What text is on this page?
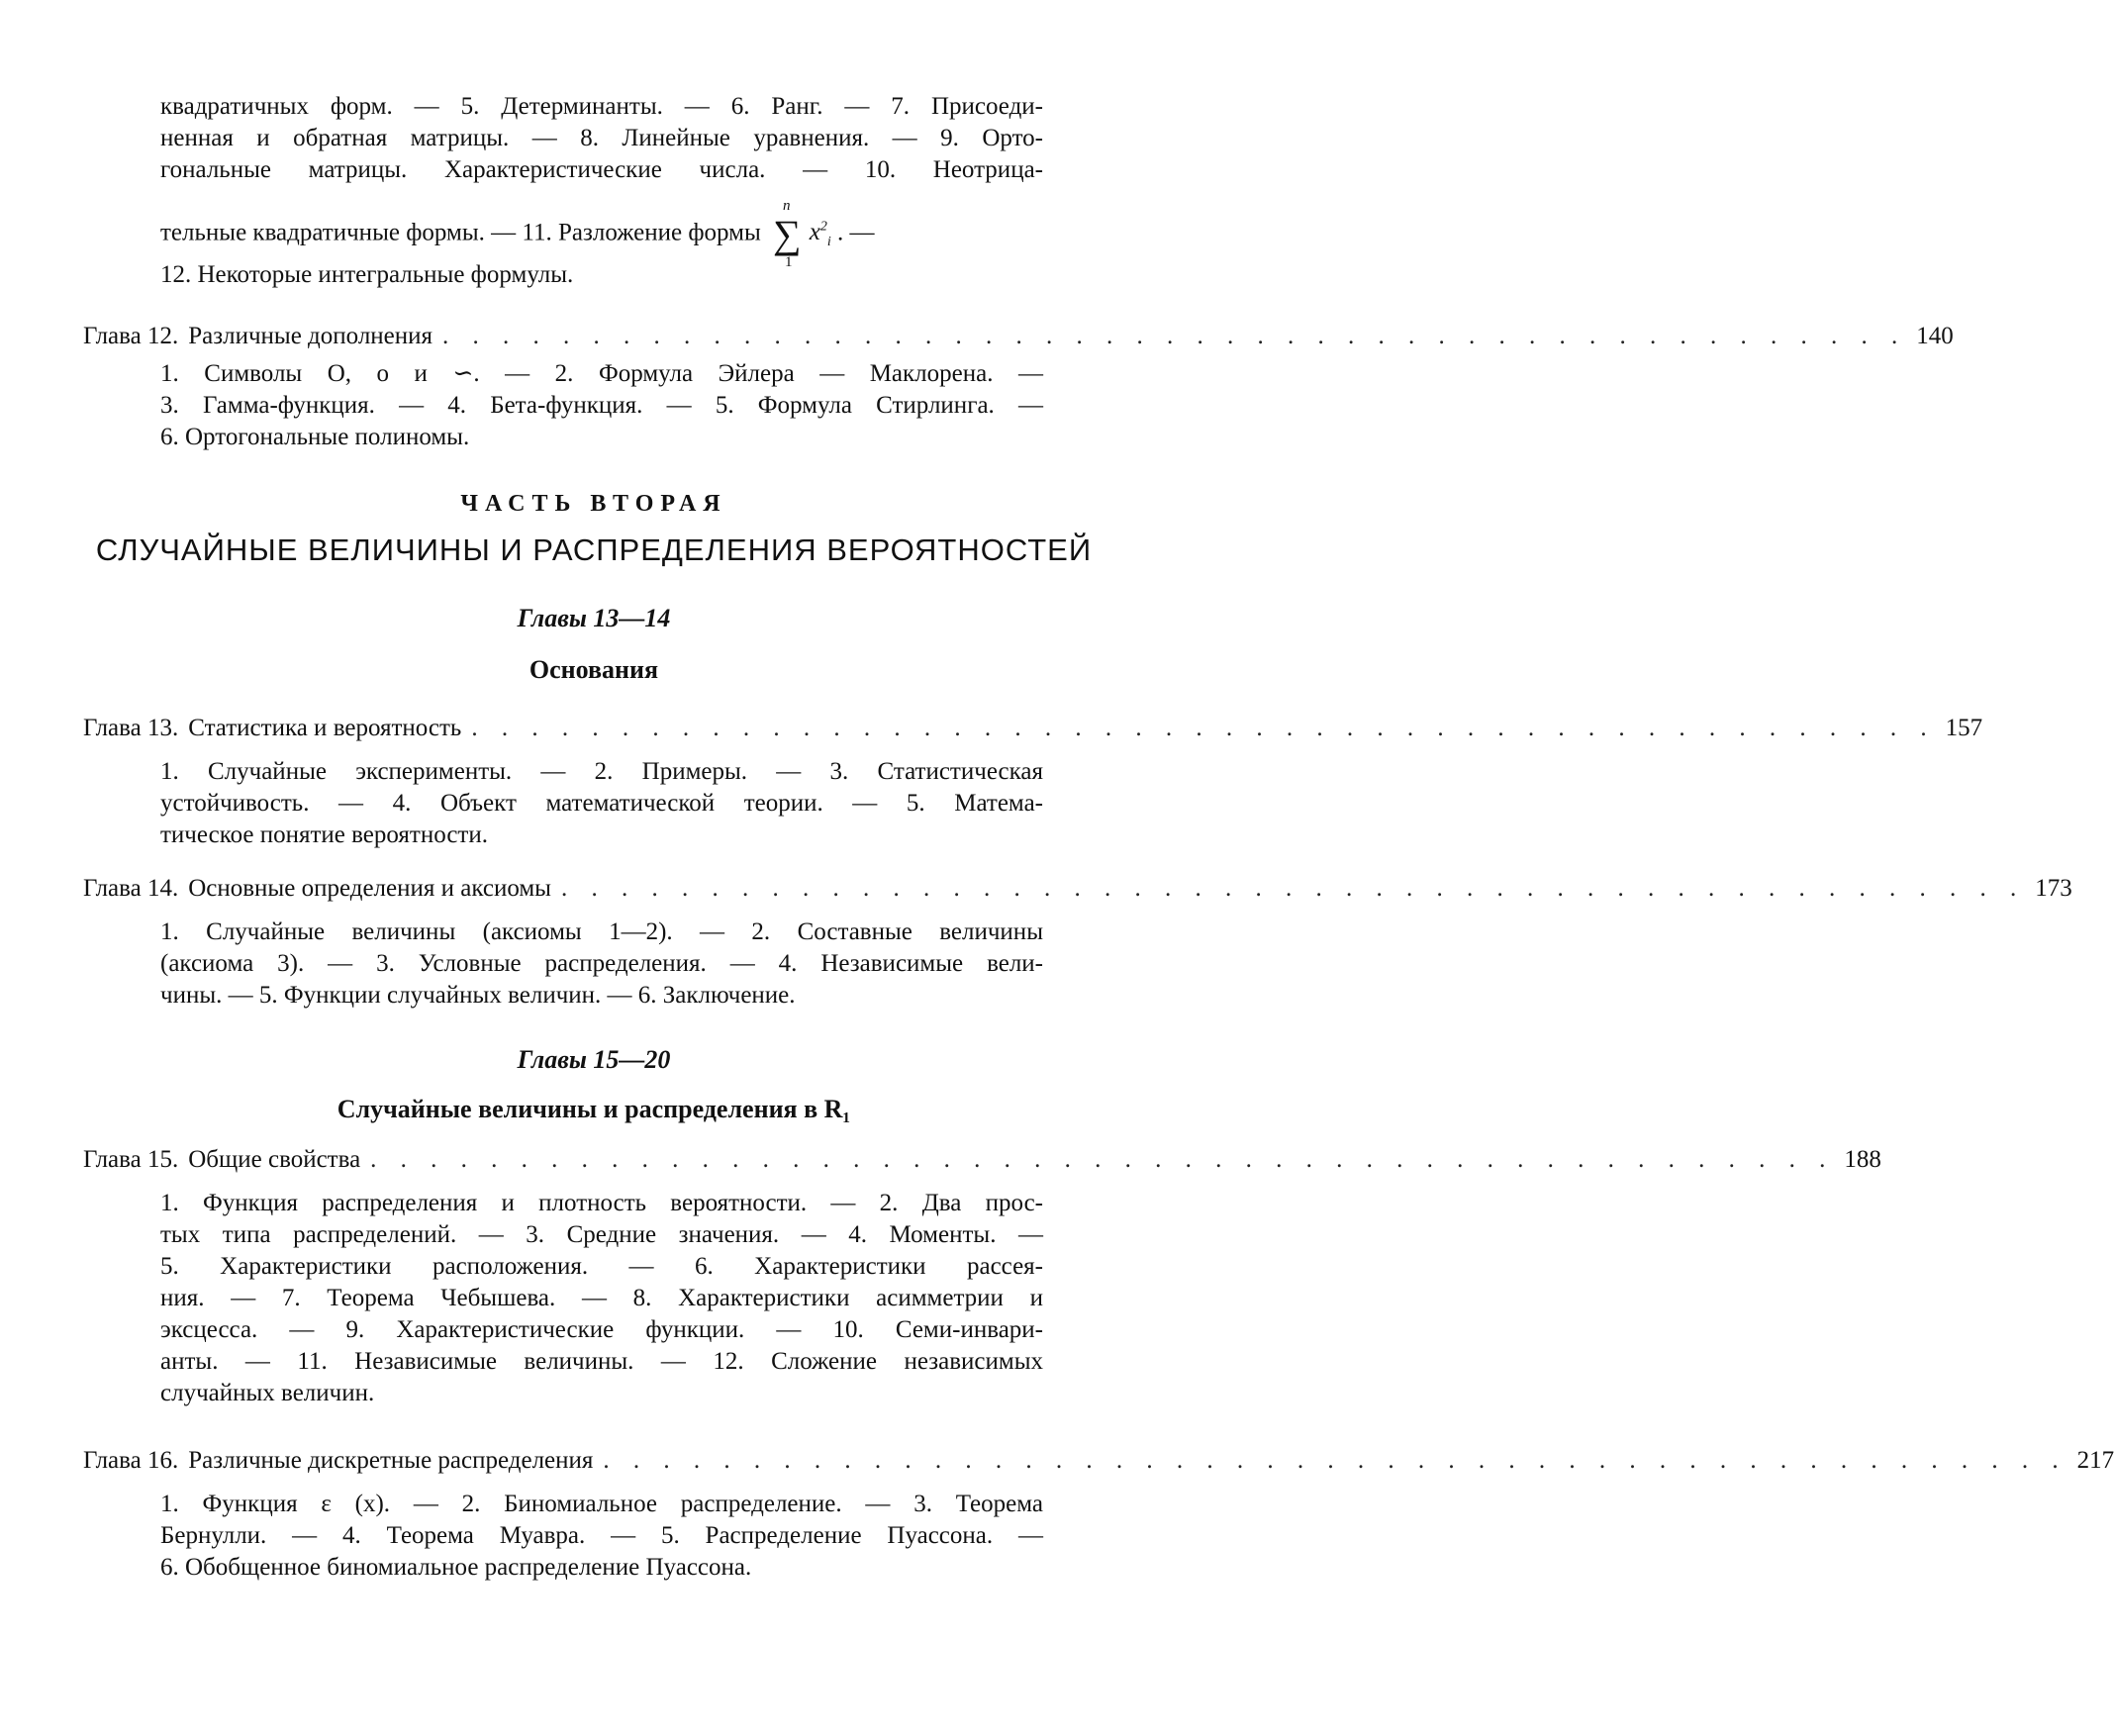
квадратичных форм. — 5. Детерминанты. — 6. Ранг. — 7. Присоеди-
ненная и обратная матрицы. — 8. Линейные уравнения. — 9. Орто-
гональные матрицы. Характеристические числа. — 10. Неотрица-
тельные квадратичные формы. — 11. Разложение формы
n
∑
1
$x^2_i$ . —
12. Некоторые интегральные формулы.
Глава 12. Различные дополнения . . . . . . . . . . . . . . . . . . . . . . . . . . . . . . . . . . . . . . . . . . . . . . . . . 140
1. Символы O, o и ∽. — 2. Формула Эйлера — Маклорена. —
3. Гамма-функция. — 4. Бета-функция. — 5. Формула Стирлинга. —
6. Ортогональные полиномы.
ЧАСТЬ ВТОРАЯ
СЛУЧАЙНЫЕ ВЕЛИЧИНЫ И РАСПРЕДЕЛЕНИЯ ВЕРОЯТНОСТЕЙ
Главы 13—14
Основания
Глава 13. Статистика и вероятность . . . . . . . . . . . . . . . . . . . . . . . . . . . . . . . . . . . . . . . . . . . . . . . . . 157
1. Случайные эксперименты. — 2. Примеры. — 3. Статистическая
устойчивость. — 4. Объект математической теории. — 5. Матема-
тическое понятие вероятности.
Глава 14. Основные определения и аксиомы . . . . . . . . . . . . . . . . . . . . . . . . . . . . . . . . . . . . . . . . . . . . . . . . . 173
1. Случайные величины (аксиомы 1—2). — 2. Составные величины
(аксиома 3). — 3. Условные распределения. — 4. Независимые вели-
чины. — 5. Функции случайных величин. — 6. Заключение.
Главы 15—20
Случайные величины и распределения в R₁
Глава 15. Общие свойства . . . . . . . . . . . . . . . . . . . . . . . . . . . . . . . . . . . . . . . . . . . . . . . . . 188
1. Функция распределения и плотность вероятности. — 2. Два прос-
тых типа распределений. — 3. Средние значения. — 4. Моменты. —
5. Характеристики расположения. — 6. Характеристики рассея-
ния. — 7. Теорема Чебышева. — 8. Характеристики асимметрии и
эксцесса. — 9. Характеристические функции. — 10. Семи-инвари-
анты. — 11. Независимые величины. — 12. Сложение независимых
случайных величин.
Глава 16. Различные дискретные распределения . . . . . . . . . . . . . . . . . . . . . . . . . . . . . . . . . . . . . . . . . . . . . . . . . 217
1. Функция ε (x). — 2. Биномиальное распределение. — 3. Теорема
Бернулли. — 4. Теорема Муавра. — 5. Распределение Пуассона. —
6. Обобщенное биномиальное распределение Пуассона.
